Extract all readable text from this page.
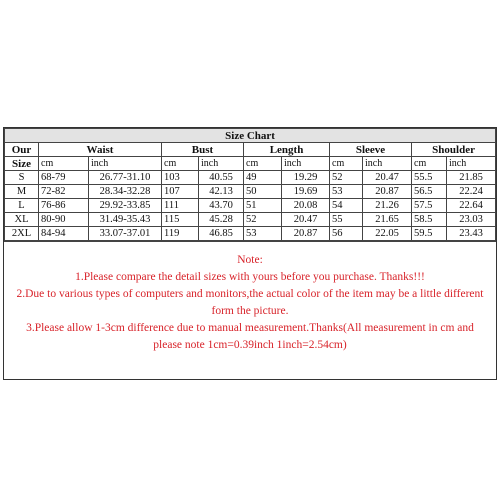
Size Chart										
Our	Waist		Bust		Length		Sleeve		Shoulder	
Size	cm	inch	cm	inch	cm	inch	cm	inch	cm	inch
S	68-79	26.77-31.10	103	40.55	49	19.29	52	20.47	55.5	21.85
M	72-82	28.34-32.28	107	42.13	50	19.69	53	20.87	56.5	22.24
L	76-86	29.92-33.85	111	43.70	51	20.08	54	21.26	57.5	22.64
XL	80-90	31.49-35.43	115	45.28	52	20.47	55	21.65	58.5	23.03
2XL	84-94	33.07-37.01	119	46.85	53	20.87	56	22.05	59.5	23.43
Note:
1.Please compare the detail sizes with yours before you purchase. Thanks!!!
2.Due to various types of computers and monitors,the actual color of the item may be a little different
form the picture.
3.Please allow 1-3cm difference due to manual measurement.Thanks(All measurement in cm and
please note 1cm=0.39inch 1inch=2.54cm)
